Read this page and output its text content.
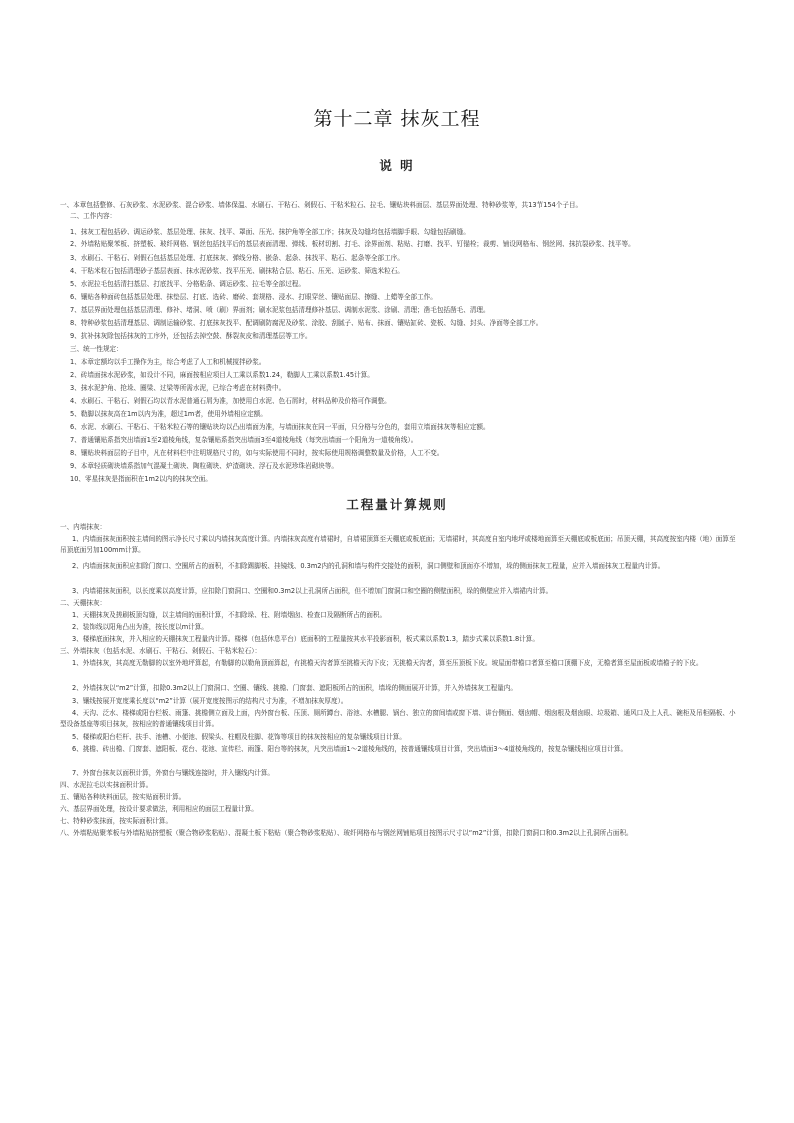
第十二章 抹灰工程
说 明
一、本章包括整修、石灰砂浆、水泥砂浆、混合砂浆、墙体保温、水刷石、干粘石、剁假石、干粘米粒石、拉毛、镶贴块料面层、基层界面处理、特种砂浆等，共13节154个子目。
二、工作内容：
1、抹灰工程包括砂、调运砂浆、基层处理、抹灰、找平、罩面、压光、抹护角等全部工序；抹灰及勾缝均包括墙脚手眼、勾缝包括刷缝。
2、外墙粘贴聚苯板、挤塑板、玻纤网格、钢丝包括找平后的基层表面清理、弹线、板材切割、打毛、涂界面剂、粘贴、打磨、找平、钉锚栓；裁剪、铺设网格布、钢丝网、抹抗裂砂浆、找平等。
3、水刷石、干粘石、剁假石包括基层处理、打底抹灰、弹线分格、嵌条、起条、抹找平、粘石、起条等全部工序。
4、干粘米粒石包括清理砂子基层表面、抹水泥砂浆、找平压光、刷抹粘合层、粘石、压光、运砂浆、筛选米粒石。
5、水泥拉毛包括清扫基层、打底找平、分格粘条、调运砂浆、拉毛等全部过程。
6、镶贴各种面砖包括基层处理、抹垫层、打底、选砖、磨砖、套规格、浸水、打眼穿丝、镶贴面层、擦缝、上蜡等全部工作。
7、基层界面处理包括基层清理、修补、堵洞、喷（刷）界面剂；刷水泥浆包括清理修补基层、调制水泥浆、涂刷、清理；凿毛包括凿毛、清理。
8、特种砂浆包括清理基层、调制运输砂浆、打底抹灰找平、配调刷防腐泥及砂浆、涂胶、刮腻子、贴布、抹面、镶贴缸砖、瓷板、勾缝、封头、净面等全部工序。
9、抗补抹灰除包括抹灰的工序外，还包括去掉空鼓、酥裂灰皮和清理基层等工序。
三、统一性规定：
1、本章定额均以手工操作为主，综合考虑了人工和机械搅拌砂浆。
2、砖墙面抹水泥砂浆，如设计不同，麻面按相应项目人工乘以系数1.24，勒脚人工乘以系数1.45计算。
3、抹水泥护角、抢垛、圈梁、过梁等所需水泥，已综合考虑在材料费中。
4、水刷石、干粘石、剁假石均以青水泥普通石屑为准，加使用白水泥、色石屑时，材料品种及价格可作调整。
5、勒脚以抹灰高在1m以内为准，超过1m者，使用外墙相应定额。
6、水泥、水刷石、干粘石、干粘米粒石等的镶贴块均以凸出墙面为准，与墙面抹灰在同一平面，只分格与分色的，套用立墙面抹灰等相应定额。
7、普通镶贴系指突出墙面1至2道棱角线，复杂镶贴系指突出墙面3至4道棱角线（每突出墙面一个阳角为一道棱角线）。
8、镶贴块料面层的子目中，凡在材料栏中注明规格尺寸的，如与实际使用不同时，按实际使用规格调整数量及价格，人工不变。
9、本章轻质砌块墙系指加气混凝土砌块、陶粒砌块、炉渣砌块、浮石及水泥珍珠岩砌块等。
10、零星抹灰是指面积在1m2以内的抹灰空面。
工程量计算规则
一、内墙抹灰：
1、内墙面抹灰面积按主墙间的图示净长尺寸乘以内墙抹灰高度计算。内墙抹灰高度有墙裙时，自墙裙顶算至天棚底或板底面；无墙裙时，其高度自室内地坪或楼地面算至天棚底或板底面；吊顶天棚，其高度按室内楼（地）面算至吊顶底面另加100mm计算。
2、内墙面抹灰面积应扣除门窗口、空圈所占的面积，不扣除踢脚板、挂镜线、0.3m2内的孔洞和墙与构件交接处的面积，洞口侧壁和顶面亦不增加，垛的侧面抹灰工程量，应并入墙面抹灰工程量内计算。
3、内墙裙抹灰面积，以长度乘以高度计算，应扣除门窗洞口、空圈和0.3m2以上孔洞所占面积，但不增加门窗洞口和空圈的侧壁面积，垛的侧壁应并入墙裙内计算。
二、天棚抹灰：
1、天棚抹灰及搓刷板顶勾缝，以主墙间的面积计算，不扣除垛、柱、附墙烟囱、检查口及隔断所占的面积。
2、装饰线以阳角凸出为准，按长度以m计算。
3、楼梯底面抹灰，并入相应的天棚抹灰工程量内计算。楼梯（包括休息平台）底面积的工程量按其水平投影面积，板式乘以系数1.3，踏步式乘以系数1.8计算。
三、外墙抹灰（包括水泥、水刷石、干粘石、剁假石、干粘米粒石）：
1、外墙抹灰，其高度无勒脚的以室外地坪算起，有勒脚的以勒角顶面算起，有挑檐天沟者算至挑檐天沟下皮；无挑檐天沟者，算至压顶板下皮。坡屋面带檐口者算至檐口顶棚下皮，无檐者算至屋面板或墙檐子的下皮。
2、外墙抹灰以“m2”计算，扣除0.3m2以上门窗洞口、空圈、镶线、挑檐、门窗套、遮阳板所占的面积，墙垛的侧面展开计算，并入外墙抹灰工程量内。
3、镶线按展开宽度乘长度以“m2”计算（展开宽度按图示的结构尺寸为准，不增加抹灰厚度）。
4、天沟、泛水、楼梯或阳台栏板、雨篷、挑檐侧立面及上面，内外窗台板、压顶、厕所蹲台、浴池、水槽腿、锅台、独立的窗间墙或窗下墙、讲台侧面、烟囱帽、烟囱根及烟囱眼、垃圾箱、通风口及上人孔、碗柜及吊柜隔板、小型设备基座等项目抹灰，按相应的普通镶线项目计算。
5、楼梯或阳台栏杆、扶手、池槽、小便池、假梁头、柱帽及柱脚、花饰等项目的抹灰按相应的复杂镶线项目计算。
6、挑檐、砖出檐、门窗套、遮阳板、花台、花池、宣传栏、雨篷、阳台等的抹灰，凡突出墙面1～2道棱角线的，按普通镶线项目计算，突出墙面3～4道棱角线的，按复杂镶线相应项目计算。
7、外窗台抹灰以面积计算，外窗台与镶线连接时，并入镶线内计算。
四、水泥拉毛以实抹面积计算。
五、镶贴各种块料面层，按实贴面积计算。
六、基层界面处理，按设计要求做法，利用相应的面层工程量计算。
七、特种砂浆抹面，按实际面积计算。
八、外墙粘贴聚苯板与外墙粘贴挤塑板（聚合物砂浆粘贴）、混凝土板下粘贴（聚合物砂浆粘贴）、玻纤网格布与钢丝网铺贴项目按图示尺寸以“m2”计算，扣除门窗洞口和0.3m2以上孔洞所占面积。
